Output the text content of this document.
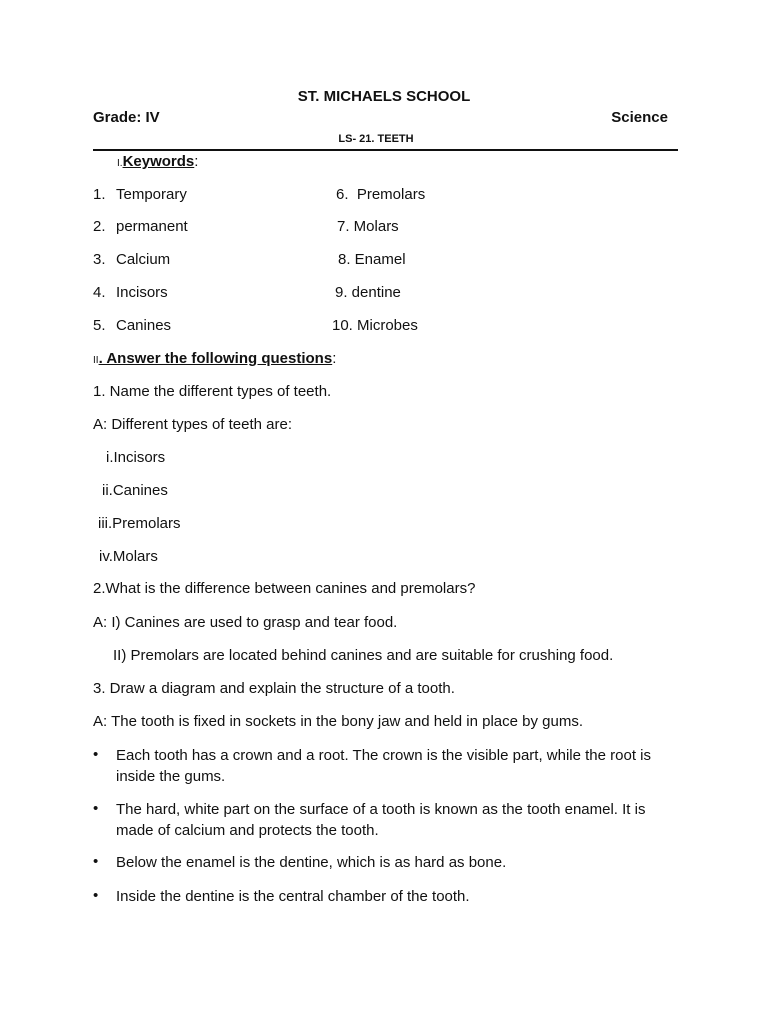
ST. MICHAELS SCHOOL
Grade: IV	Science
LS- 21. TEETH
I.Keywords:
1. Temporary
2. permanent
3. Calcium
4. Incisors
5. Canines
6.  Premolars
7. Molars
8. Enamel
9. dentine
10. Microbes
II. Answer the following questions:
1. Name the different types of teeth.
A: Different types of teeth are:
i.Incisors
ii.Canines
iii.Premolars
iv.Molars
2.What is the difference between canines and premolars?
A: I) Canines are used to grasp and tear food.
II) Premolars are located behind canines and are suitable for crushing food.
3. Draw a diagram and explain the structure of a tooth.
A: The tooth is fixed in sockets in the bony jaw and held in place by gums.
• Each tooth has a crown and a root. The crown is the visible part, while the root is inside the gums.
• The hard, white part on the surface of a tooth is known as the tooth enamel. It is made of calcium and protects the tooth.
• Below the enamel is the dentine, which is as hard as bone.
• Inside the dentine is the central chamber of the tooth.
